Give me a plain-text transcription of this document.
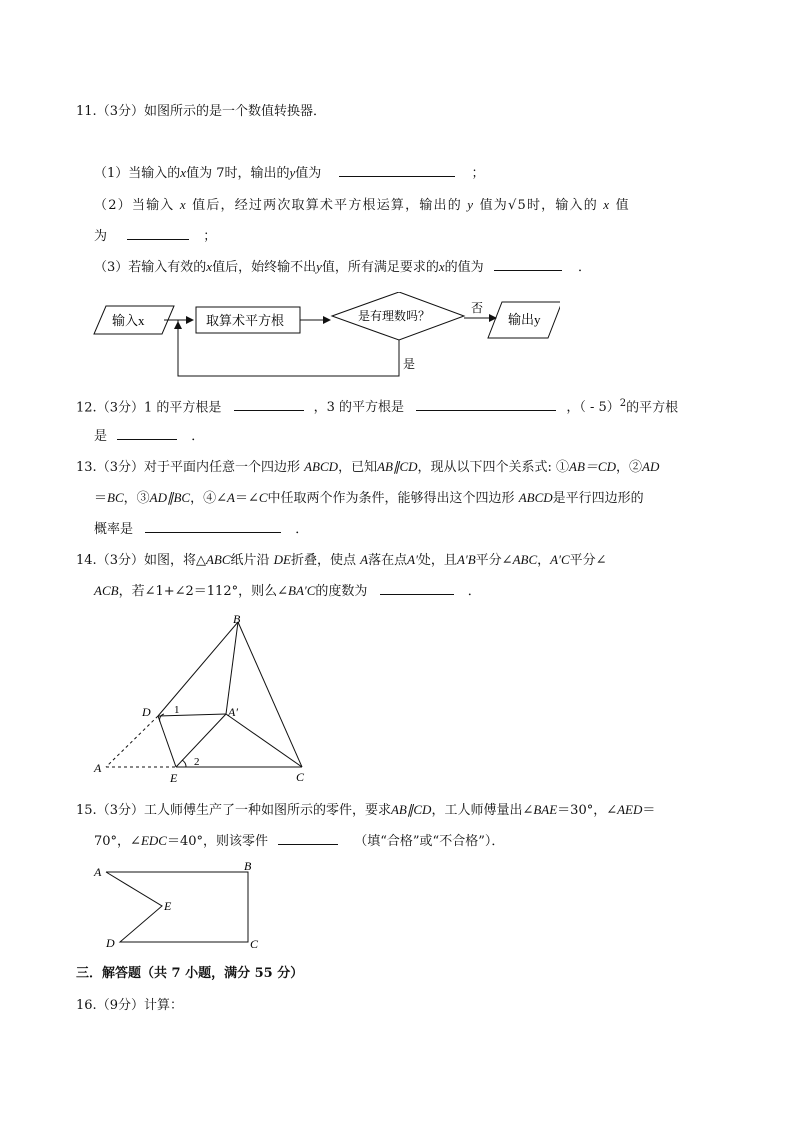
11.（3分）如图所示的是一个数值转换器．
（1）当输入的x值为 7时，输出的y值为	；
（2）当输入 x 值后，经过两次取算术平方根运算，输出的 y 值为√5时，输入的 x 值
为	；
（3）若输入有效的x值后，始终输不出y值，所有满足要求的x的值为	．
输入x	取算术平方根	是有理数吗？
否
输出y
是
12.（3分）1 的平方根是	，3 的平方根是	，（ - 5）$^2$的平方根
是	．
13.（3分）对于平面内任意一个四边形 ABCD，已知AB∥CD，现从以下四个关系式: ①AB＝CD，②AD
＝BC，③AD∥BC，④∠A＝∠C中任取两个作为条件，能够得出这个四边形 ABCD是平行四边形的
概率是	．
14.（3分）如图，将△ABC纸片沿 DE折叠，使点 A落在点A′处，且A′B平分∠ABC，A′C平分∠
ACB，若∠1+∠2＝112°，则么∠BA′C的度数为	．
B
D 1	A′
A
E
2
C
15.（3分）工人师傅生产了一种如图所示的零件，要求AB∥CD，工人师傅量出∠BAE＝30°，∠AED＝
70°，∠EDC＝40°，则该零件	（填“合格”或“不合格”）．
A	B
E
D	C
三．解答题（共 7 小题，满分 55 分）
16.（9分）计算：
